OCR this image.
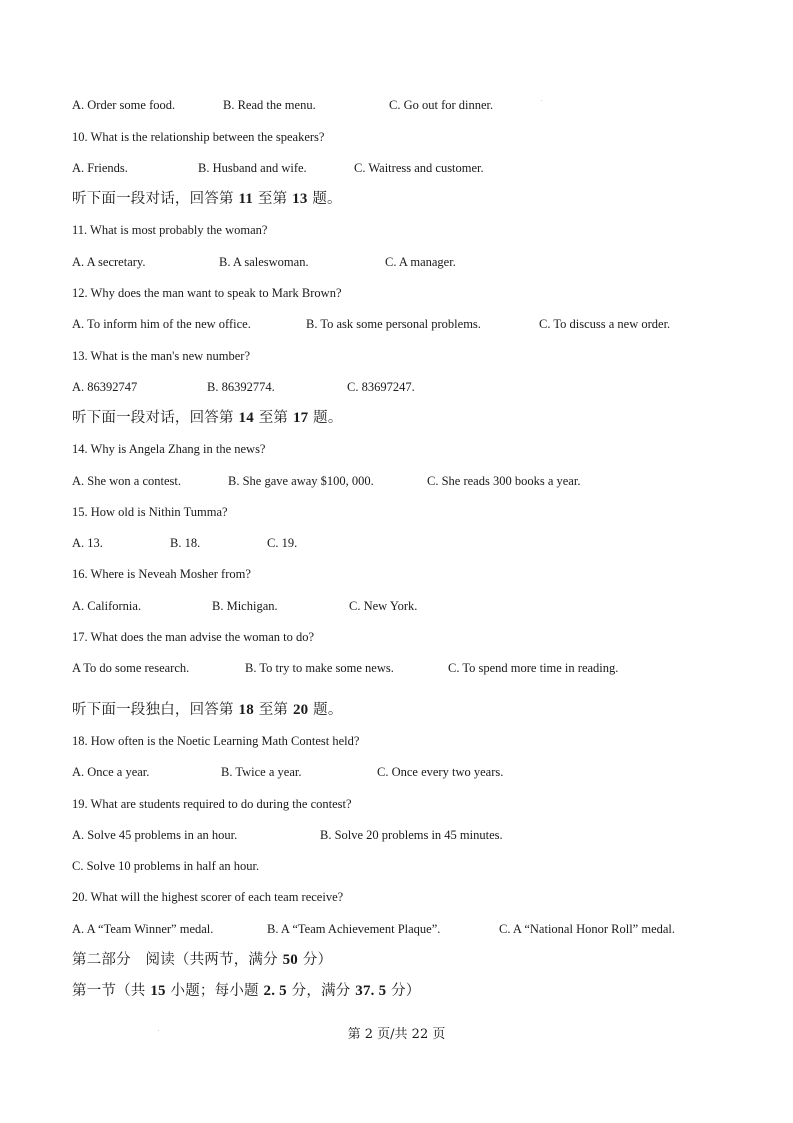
A. Order some food.	B. Read the menu.	C. Go out for dinner.
10. What is the relationship between the speakers?
A. Friends.	B. Husband and wife.	C. Waitress and customer.
听下面一段对话，回答第 11 至第 13 题。
11. What is most probably the woman?
A. A secretary.	B. A saleswoman.	C. A manager.
12. Why does the man want to speak to Mark Brown?
A. To inform him of the new office.	B. To ask some personal problems.	C. To discuss a new order.
13. What is the man's new number?
A. 86392747	B. 86392774.	C. 83697247.
听下面一段对话，回答第 14 至第 17 题。
14. Why is Angela Zhang in the news?
A. She won a contest.	B. She gave away $100, 000.	C. She reads 300 books a year.
15. How old is Nithin Tumma?
A. 13.	B. 18.	C. 19.
16. Where is Neveah Mosher from?
A. California.	B. Michigan.	C. New York.
17. What does the man advise the woman to do?
A To do some research.	B. To try to make some news.	C. To spend more time in reading.
听下面一段独白，回答第 18 至第 20 题。
18. How often is the Noetic Learning Math Contest held?
A. Once a year.	B. Twice a year.	C. Once every two years.
19. What are students required to do during the contest?
A. Solve 45 problems in an hour.	B. Solve 20 problems in 45 minutes.
C. Solve 10 problems in half an hour.
20. What will the highest scorer of each team receive?
A. A “Team Winner” medal.	B. A “Team Achievement Plaque”.	C. A “National Honor Roll” medal.
第二部分　阅读（共两节，满分 50 分）
第一节（共 15 小题；每小题 2. 5 分，满分 37. 5 分）
第 2 页/共 22 页
